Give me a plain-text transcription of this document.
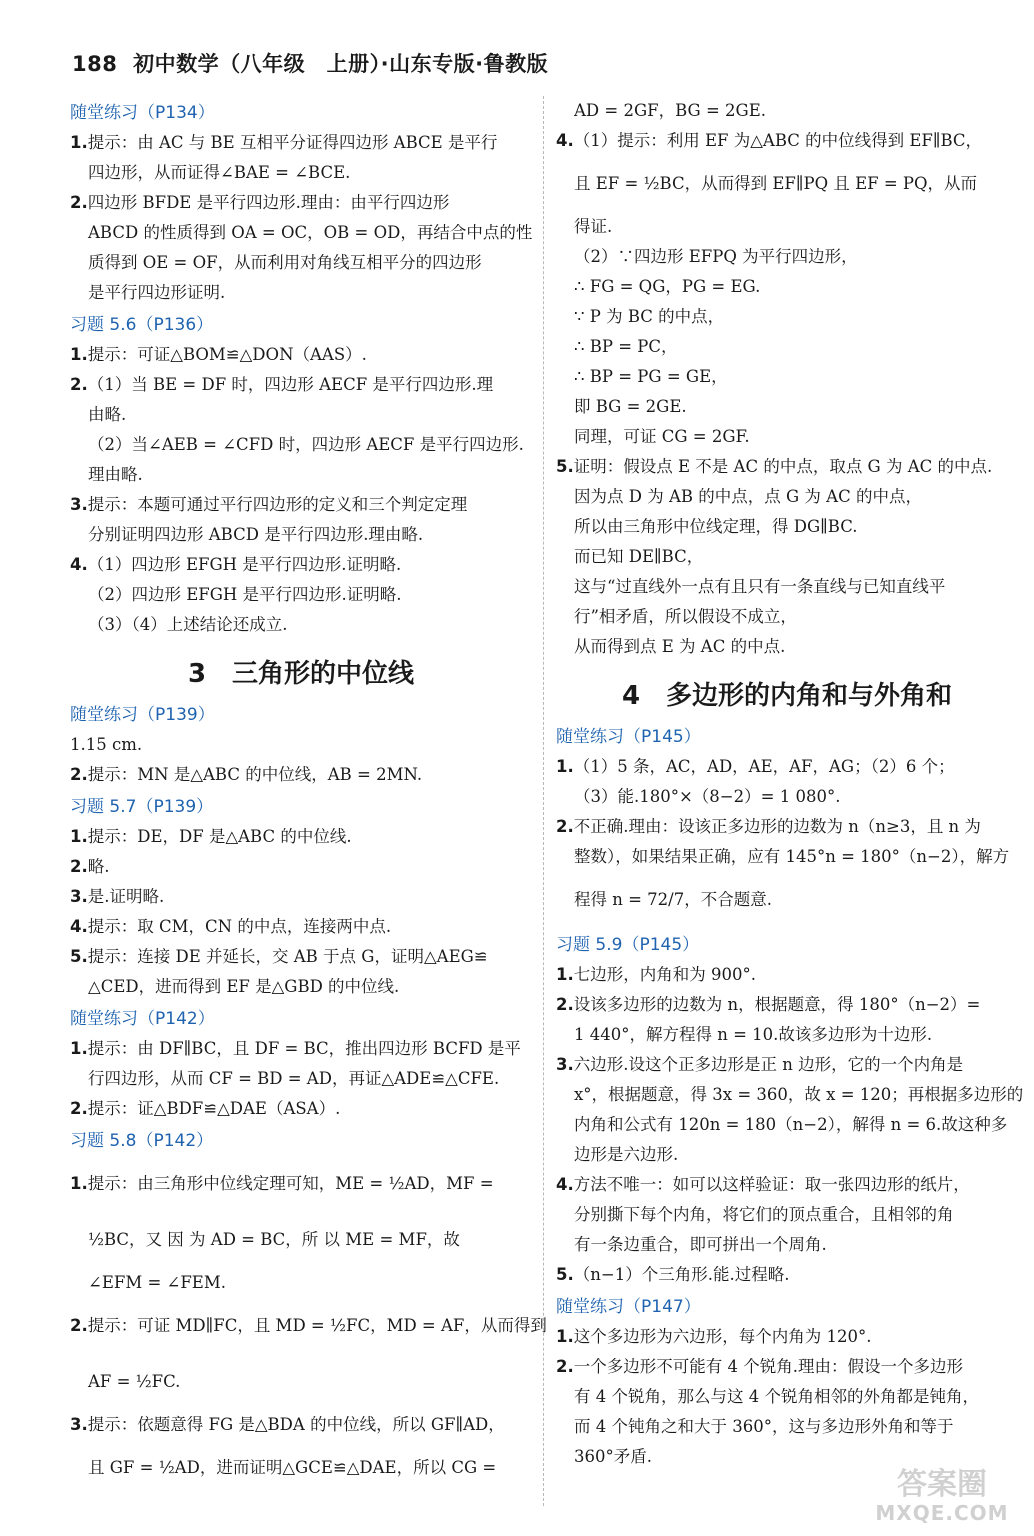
188 初中数学（八年级　上册）·山东专版·鲁教版
随堂练习（P134）
1.提示：由 AC 与 BE 互相平分证得四边形 ABCE 是平行
四边形，从而证得∠BAE = ∠BCE.
2.四边形 BFDE 是平行四边形.理由：由平行四边形
ABCD 的性质得到 OA = OC，OB = OD，再结合中点的性
质得到 OE = OF，从而利用对角线互相平分的四边形
是平行四边形证明.
习题 5.6（P136）
1.提示：可证△BOM≌△DON（AAS）.
2.（1）当 BE = DF 时，四边形 AECF 是平行四边形.理
由略.
（2）当∠AEB = ∠CFD 时，四边形 AECF 是平行四边形.
理由略.
3.提示：本题可通过平行四边形的定义和三个判定定理
分别证明四边形 ABCD 是平行四边形.理由略.
4.（1）四边形 EFGH 是平行四边形.证明略.
（2）四边形 EFGH 是平行四边形.证明略.
（3）（4）上述结论还成立.
3　三角形的中位线
随堂练习（P139）
1.15 cm.
2.提示：MN 是△ABC 的中位线，AB = 2MN.
习题 5.7（P139）
1.提示：DE，DF 是△ABC 的中位线.
2.略.
3.是.证明略.
4.提示：取 CM，CN 的中点，连接两中点.
5.提示：连接 DE 并延长，交 AB 于点 G，证明△AEG≌
△CED，进而得到 EF 是△GBD 的中位线.
随堂练习（P142）
1.提示：由 DF∥BC，且 DF = BC，推出四边形 BCFD 是平
行四边形，从而 CF = BD = AD，再证△ADE≌△CFE.
2.提示：证△BDF≌△DAE（ASA）.
习题 5.8（P142）
1.提示：由三角形中位线定理可知，ME = ½AD，MF =
½BC，又 因 为 AD = BC，所 以 ME = MF，故
∠EFM = ∠FEM.
2.提示：可证 MD∥FC，且 MD = ½FC，MD = AF，从而得到
AF = ½FC.
3.提示：依题意得 FG 是△BDA 的中位线，所以 GF∥AD，
且 GF = ½AD，进而证明△GCE≌△DAE，所以 CG =
AD = 2GF，BG = 2GE.
4.（1）提示：利用 EF 为△ABC 的中位线得到 EF∥BC，
且 EF = ½BC，从而得到 EF∥PQ 且 EF = PQ，从而
得证.
（2）∵四边形 EFPQ 为平行四边形，
∴ FG = QG，PG = EG.
∵ P 为 BC 的中点，
∴ BP = PC，
∴ BP = PG = GE，
即 BG = 2GE.
同理，可证 CG = 2GF.
5.证明：假设点 E 不是 AC 的中点，取点 G 为 AC 的中点.
因为点 D 为 AB 的中点，点 G 为 AC 的中点，
所以由三角形中位线定理，得 DG∥BC.
而已知 DE∥BC，
这与“过直线外一点有且只有一条直线与已知直线平
行”相矛盾，所以假设不成立，
从而得到点 E 为 AC 的中点.
4　多边形的内角和与外角和
随堂练习（P145）
1.（1）5 条，AC，AD，AE，AF，AG；（2）6 个；
（3）能.180°×（8−2）= 1 080°.
2.不正确.理由：设该正多边形的边数为 n（n≥3，且 n 为
整数），如果结果正确，应有 145°n = 180°（n−2），解方
程得 n = 72/7，不合题意.
习题 5.9（P145）
1.七边形，内角和为 900°.
2.设该多边形的边数为 n，根据题意，得 180°（n−2）=
1 440°，解方程得 n = 10.故该多边形为十边形.
3.六边形.设这个正多边形是正 n 边形，它的一个内角是
x°，根据题意，得 3x = 360，故 x = 120；再根据多边形的
内角和公式有 120n = 180（n−2），解得 n = 6.故这种多
边形是六边形.
4.方法不唯一：如可以这样验证：取一张四边形的纸片，
分别撕下每个内角，将它们的顶点重合，且相邻的角
有一条边重合，即可拼出一个周角.
5.（n−1）个三角形.能.过程略.
随堂练习（P147）
1.这个多边形为六边形，每个内角为 120°.
2.一个多边形不可能有 4 个锐角.理由：假设一个多边形
有 4 个锐角，那么与这 4 个锐角相邻的外角都是钝角，
而 4 个钝角之和大于 360°，这与多边形外角和等于
360°矛盾.
答案圈
MXQE.COM
